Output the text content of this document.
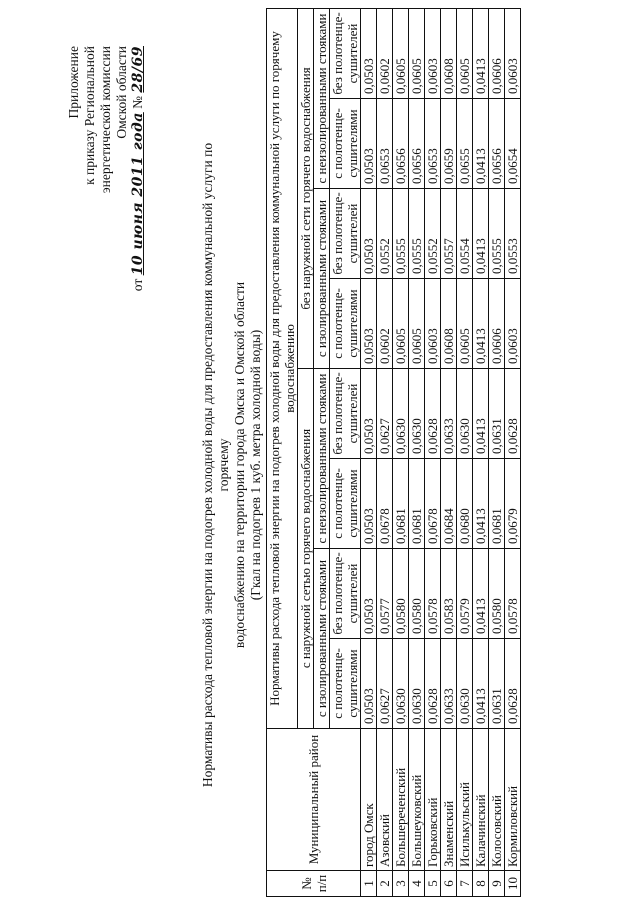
Приложение к приказу Региональной энергетической комиссии Омской области
от 10 июня 2011 года № 28/69
Нормативы расхода тепловой энергии на подогрев холодной воды для предоставления коммунальной услуги по горячему водоснабжению на территории города Омска и Омской области (Гкал на подогрев 1 куб. метра холодной воды)
№ п/п	Муниципальный район	Нормативы расхода тепловой энергии на подогрев холодной воды для предоставления коммунальной услуги по горячему водоснабжению							
		с наружной сетью горячего водоснабжения				без наружной сети горячего водоснабжения			
		с изолированными стояками		с неизолированными стояками		с изолированными стояками		с неизолированными стояками	
		с полотенце-сушителями	без полотенце-сушителей	с полотенце-сушителями	без полотенце-сушителей	с полотенце-сушителями	без полотенце-сушителей	с полотенце-сушителями	без полотенце-сушителей
1	город Омск	0,0503	0,0503	0,0503	0,0503	0,0503	0,0503	0,0503	0,0503
2	Азовский	0,0627	0,0577	0,0678	0,0627	0,0602	0,0552	0,0653	0,0602
3	Большереченский	0,0630	0,0580	0,0681	0,0630	0,0605	0,0555	0,0656	0,0605
4	Большеуковский	0,0630	0,0580	0,0681	0,0630	0,0605	0,0555	0,0656	0,0605
5	Горьковский	0,0628	0,0578	0,0678	0,0628	0,0603	0,0552	0,0653	0,0603
6	Знаменский	0,0633	0,0583	0,0684	0,0633	0,0608	0,0557	0,0659	0,0608
7	Исилькульский	0,0630	0,0579	0,0680	0,0630	0,0605	0,0554	0,0655	0,0605
8	Калачинский	0,0413	0,0413	0,0413	0,0413	0,0413	0,0413	0,0413	0,0413
9	Колосовский	0,0631	0,0580	0,0681	0,0631	0,0606	0,0555	0,0656	0,0606
10	Кормиловский	0,0628	0,0578	0,0679	0,0628	0,0603	0,0553	0,0654	0,0603
